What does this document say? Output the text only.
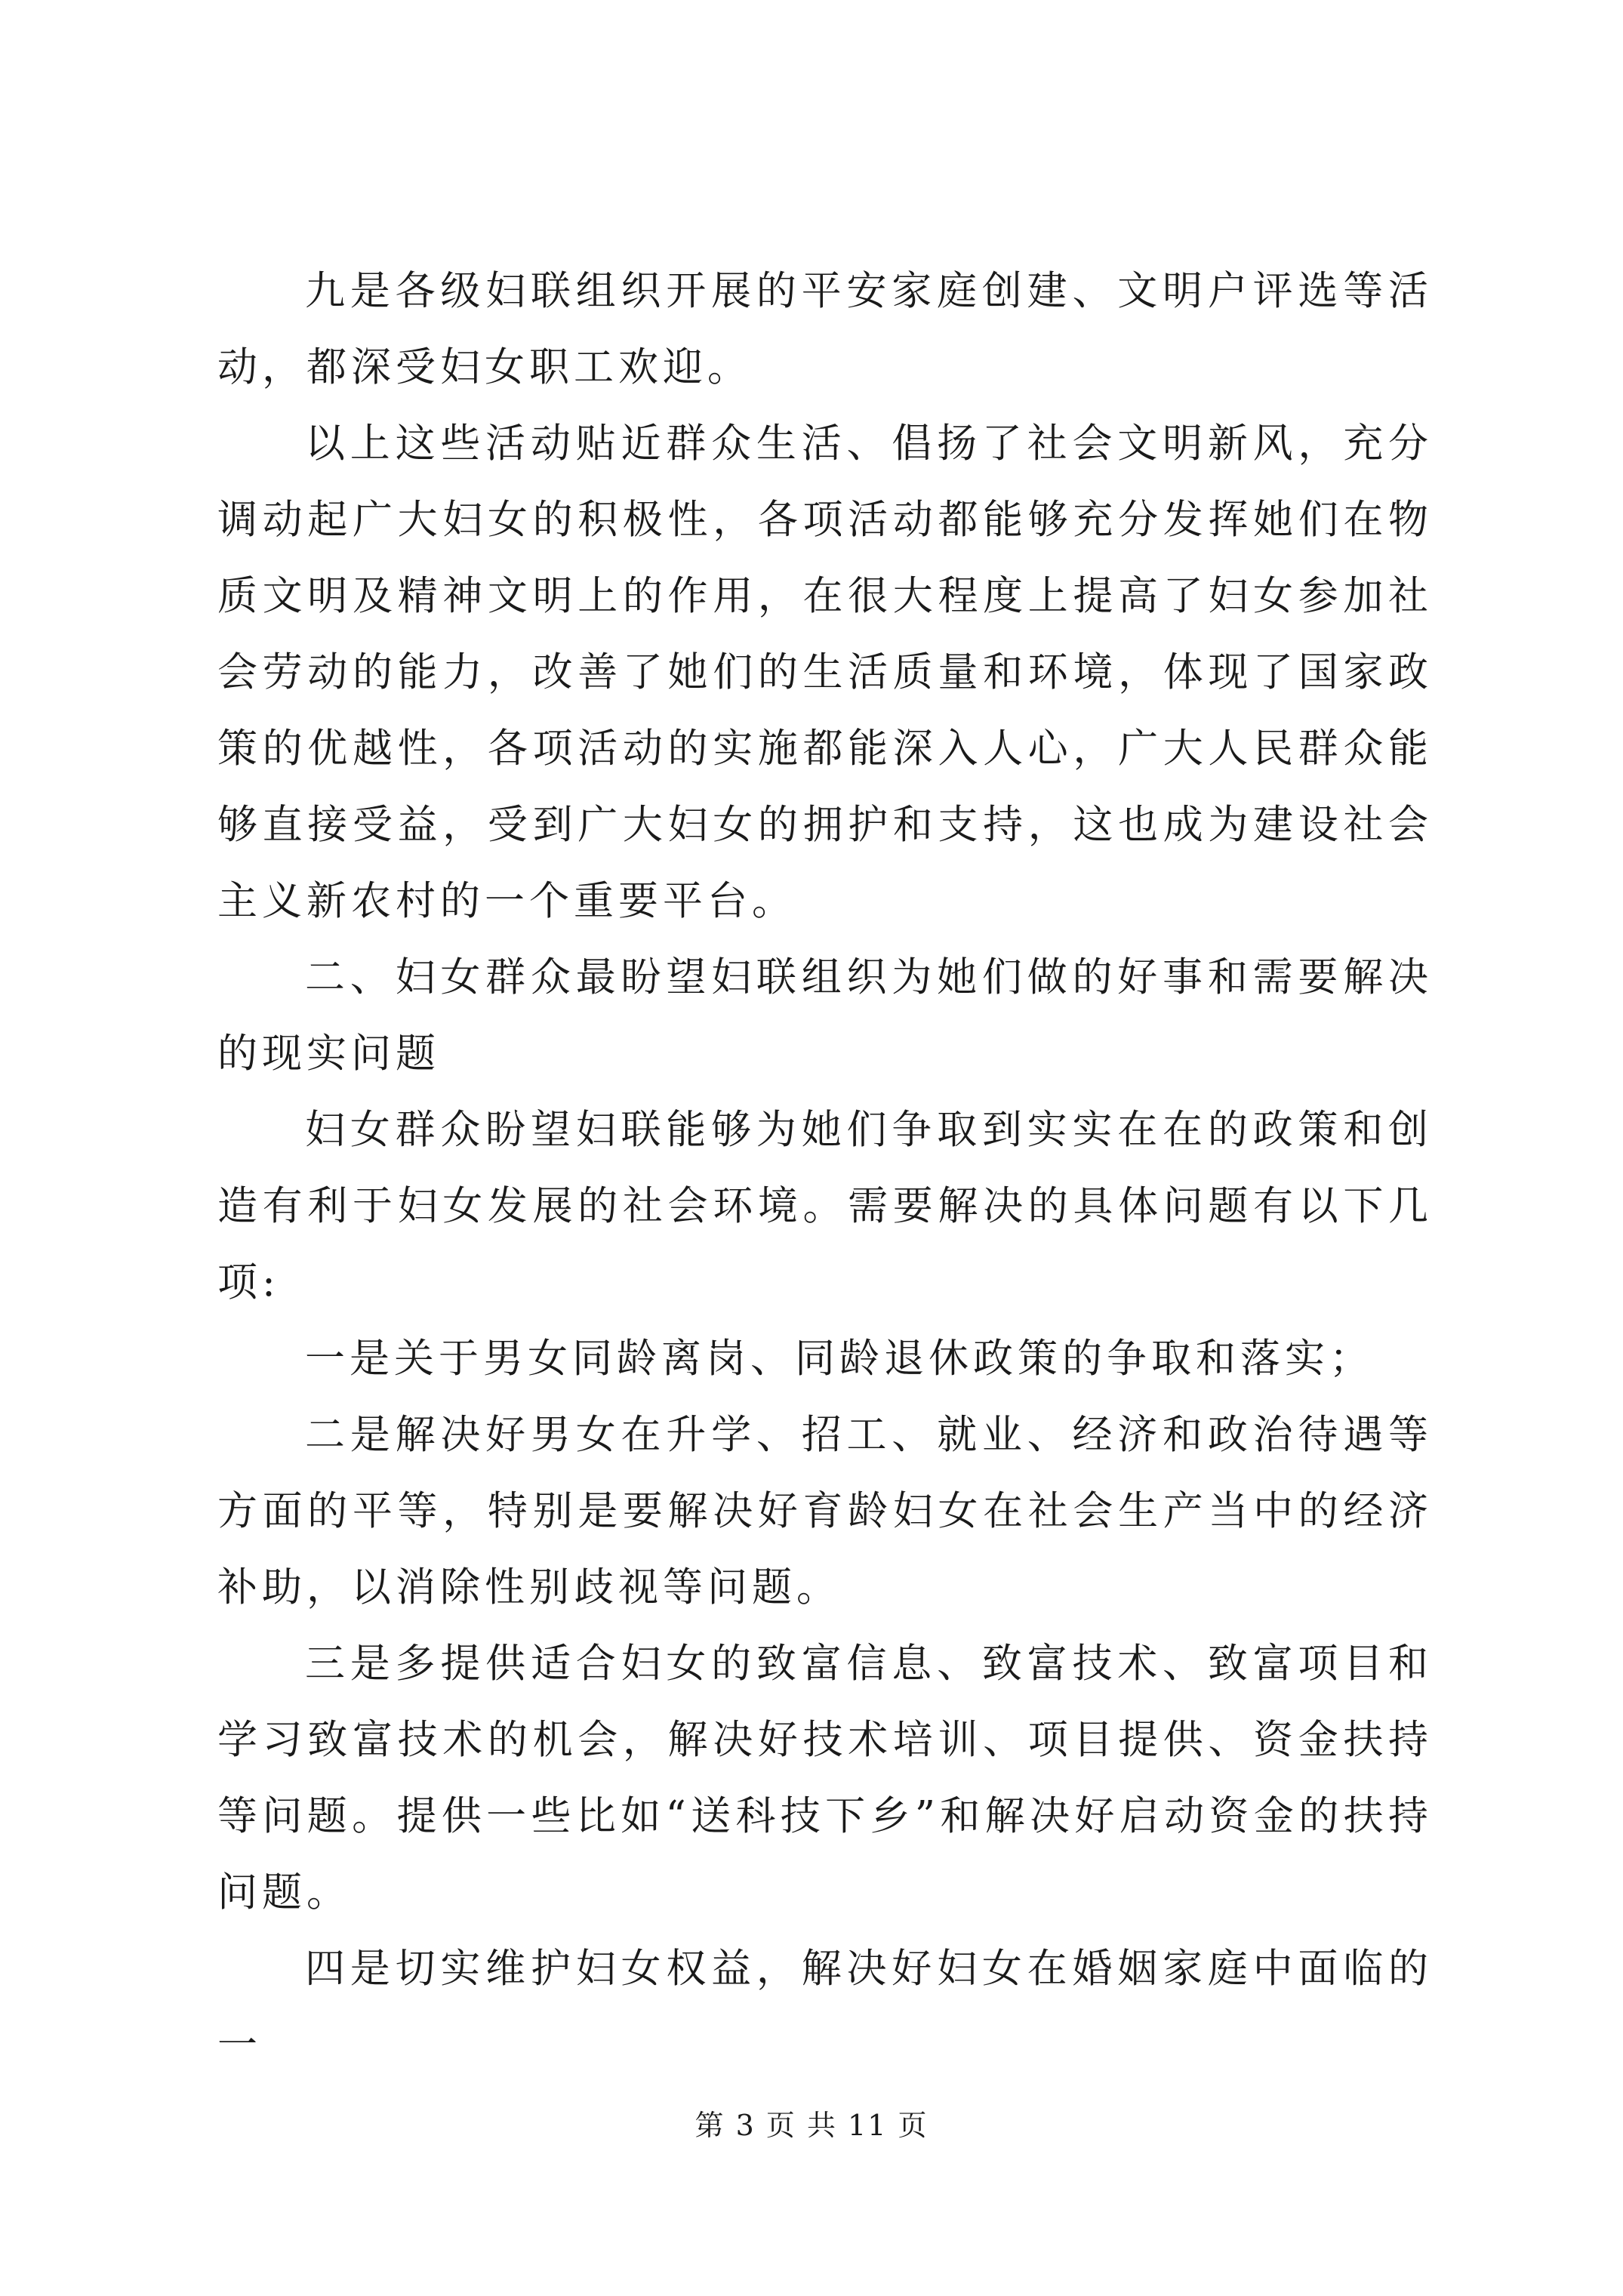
九是各级妇联组织开展的平安家庭创建、文明户评选等活动，都深受妇女职工欢迎。

以上这些活动贴近群众生活、倡扬了社会文明新风，充分调动起广大妇女的积极性，各项活动都能够充分发挥她们在物质文明及精神文明上的作用，在很大程度上提高了妇女参加社会劳动的能力，改善了她们的生活质量和环境，体现了国家政策的优越性，各项活动的实施都能深入人心，广大人民群众能够直接受益，受到广大妇女的拥护和支持，这也成为建设社会主义新农村的一个重要平台。

二、妇女群众最盼望妇联组织为她们做的好事和需要解决的现实问题

妇女群众盼望妇联能够为她们争取到实实在在的政策和创造有利于妇女发展的社会环境。需要解决的具体问题有以下几项:

一是关于男女同龄离岗、同龄退休政策的争取和落实；

二是解决好男女在升学、招工、就业、经济和政治待遇等方面的平等，特别是要解决好育龄妇女在社会生产当中的经济补助，以消除性别歧视等问题。

三是多提供适合妇女的致富信息、致富技术、致富项目和学习致富技术的机会，解决好技术培训、项目提供、资金扶持等问题。提供一些比如“送科技下乡”和解决好启动资金的扶持问题。

四是切实维护妇女权益，解决好妇女在婚姻家庭中面临的一

第 3 页 共 11 页
